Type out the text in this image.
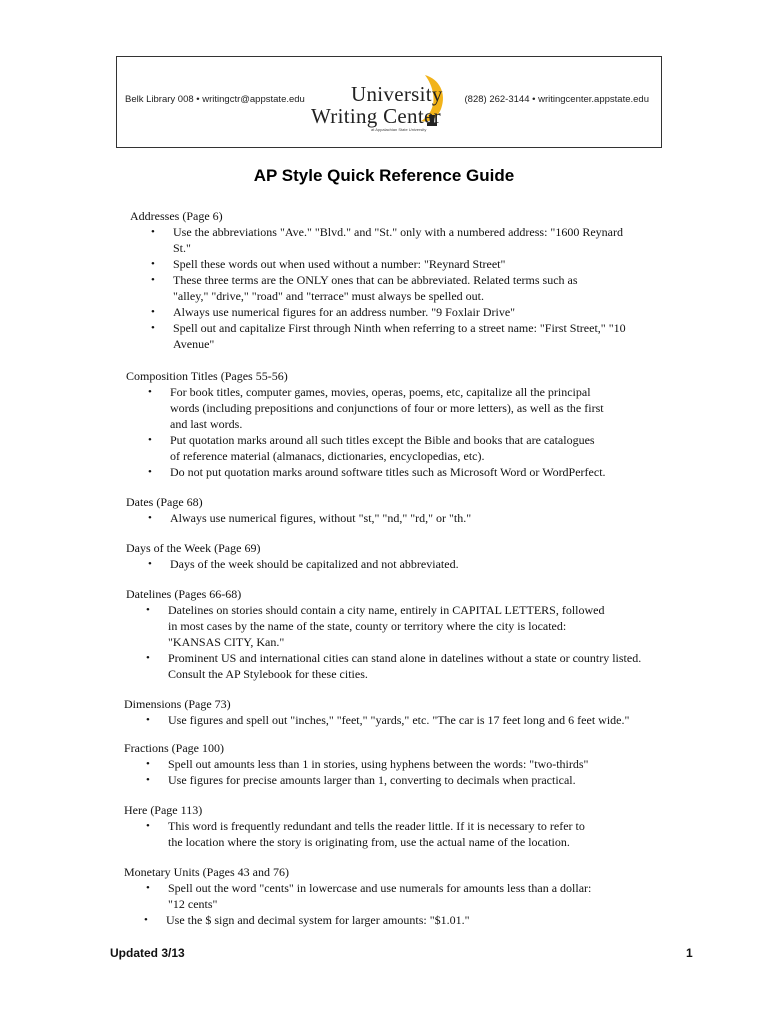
Belk Library 008 • writingctr@appstate.edu University
Writing Center
at Appalachian State University
(828) 262-3144 • writingcenter.appstate.edu
AP Style Quick Reference Guide
Addresses (Page 6)
• Use the abbreviations "Ave." "Blvd." and "St." only with a numbered address: "1600 Reynard
St."
• Spell these words out when used without a number: "Reynard Street"
• These three terms are the ONLY ones that can be abbreviated. Related terms such as
"alley," "drive," "road" and "terrace" must always be spelled out.
• Always use numerical figures for an address number. "9 Foxlair Drive"
• Spell out and capitalize First through Ninth when referring to a street name: "First Street," "10
Avenue"
Composition Titles (Pages 55-56)
• For book titles, computer games, movies, operas, poems, etc, capitalize all the principal
words (including prepositions and conjunctions of four or more letters), as well as the first
and last words.
• Put quotation marks around all such titles except the Bible and books that are catalogues
of reference material (almanacs, dictionaries, encyclopedias, etc).
• Do not put quotation marks around software titles such as Microsoft Word or WordPerfect.
Dates (Page 68)
• Always use numerical figures, without "st," "nd," "rd," or "th."
Days of the Week (Page 69)
• Days of the week should be capitalized and not abbreviated.
Datelines (Pages 66-68)
• Datelines on stories should contain a city name, entirely in CAPITAL LETTERS, followed
in most cases by the name of the state, county or territory where the city is located:
"KANSAS CITY, Kan."
• Prominent US and international cities can stand alone in datelines without a state or country listed.
Consult the AP Stylebook for these cities.
Dimensions (Page 73)
• Use figures and spell out "inches," "feet," "yards," etc. "The car is 17 feet long and 6 feet wide."
Fractions (Page 100)
• Spell out amounts less than 1 in stories, using hyphens between the words: "two-thirds"
• Use figures for precise amounts larger than 1, converting to decimals when practical.
Here (Page 113)
• This word is frequently redundant and tells the reader little. If it is necessary to refer to
the location where the story is originating from, use the actual name of the location.
Monetary Units (Pages 43 and 76)
• Spell out the word "cents" in lowercase and use numerals for amounts less than a dollar:
"12 cents"
• Use the $ sign and decimal system for larger amounts: "$1.01."
Updated 3/13	1
